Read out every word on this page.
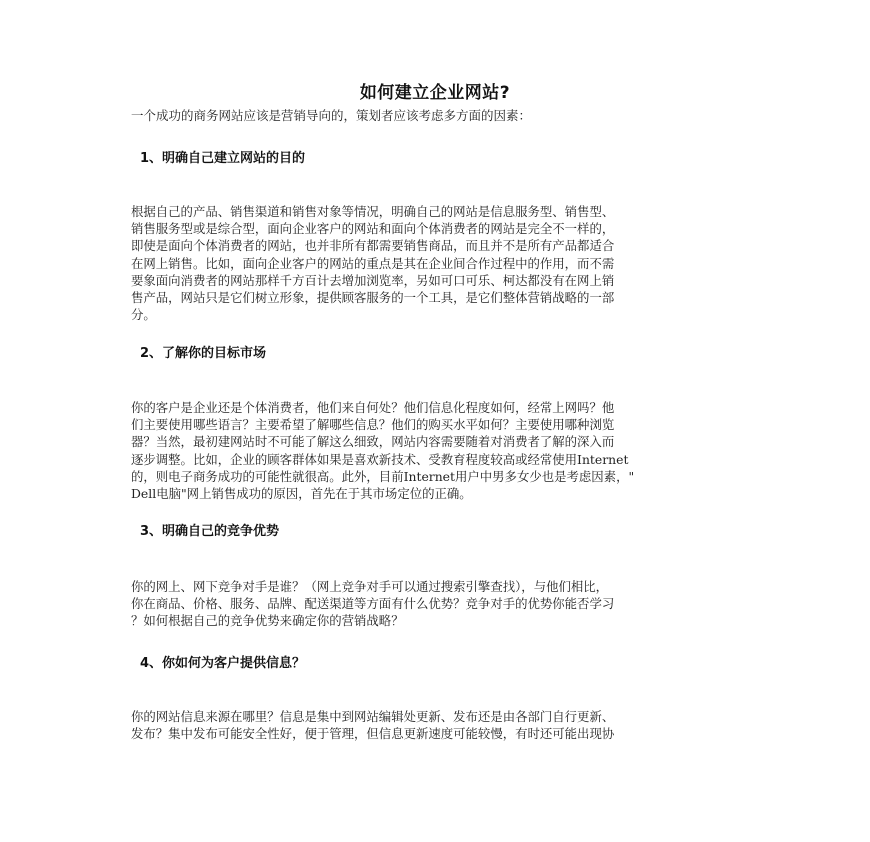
如何建立企业网站?
一个成功的商务网站应该是营销导向的，策划者应该考虑多方面的因素：
1、明确自己建立网站的目的
根据自己的产品、销售渠道和销售对象等情况，明确自己的网站是信息服务型、销售型、
销售服务型或是综合型，面向企业客户的网站和面向个体消费者的网站是完全不一样的，
即使是面向个体消费者的网站，也并非所有都需要销售商品，而且并不是所有产品都适合
在网上销售。比如，面向企业客户的网站的重点是其在企业间合作过程中的作用，而不需
要象面向消费者的网站那样千方百计去增加浏览率，另如可口可乐、柯达都没有在网上销
售产品，网站只是它们树立形象，提供顾客服务的一个工具，是它们整体营销战略的一部
分。
2、了解你的目标市场
你的客户是企业还是个体消费者，他们来自何处？他们信息化程度如何，经常上网吗？他
们主要使用哪些语言？主要希望了解哪些信息？他们的购买水平如何？主要使用哪种浏览
器？当然，最初建网站时不可能了解这么细致，网站内容需要随着对消费者了解的深入而
逐步调整。比如，企业的顾客群体如果是喜欢新技术、受教育程度较高或经常使用Internet
的，则电子商务成功的可能性就很高。此外，目前Internet用户中男多女少也是考虑因素，"
Dell电脑"网上销售成功的原因，首先在于其市场定位的正确。
3、明确自己的竞争优势
你的网上、网下竞争对手是谁？（网上竞争对手可以通过搜索引擎查找），与他们相比，
你在商品、价格、服务、品牌、配送渠道等方面有什么优势？竞争对手的优势你能否学习
？如何根据自己的竞争优势来确定你的营销战略？
4、你如何为客户提供信息？
你的网站信息来源在哪里？信息是集中到网站编辑处更新、发布还是由各部门自行更新、
发布？集中发布可能安全性好，便于管理，但信息更新速度可能较慢，有时还可能出现协
